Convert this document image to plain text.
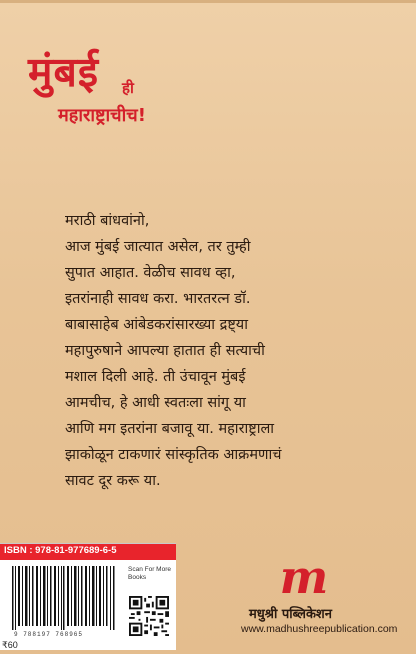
मुंबई ही
महाराष्ट्राचीच!
मराठी बांधवांनो,
आज मुंबई जात्यात असेल, तर तुम्ही
सुपात आहात. वेळीच सावध व्हा,
इतरांनाही सावध करा. भारतरत्न डॉ.
बाबासाहेब आंबेडकरांसारख्या द्रष्ट्या
महापुरुषाने आपल्या हातात ही सत्याची
मशाल दिली आहे. ती उंचावून मुंबई
आमचीच, हे आधी स्वतःला सांगू या
आणि मग इतरांना बजावू या. महाराष्ट्राला
झाकोळून टाकणारं सांस्कृतिक आक्रमणाचं
सावट दूर करू या.
ISBN : 978-81-977689-6-5
9 788197 768965
₹60
Scan For More Books	m
मधुश्री पब्लिकेशन
www.madhushreepublication.com
